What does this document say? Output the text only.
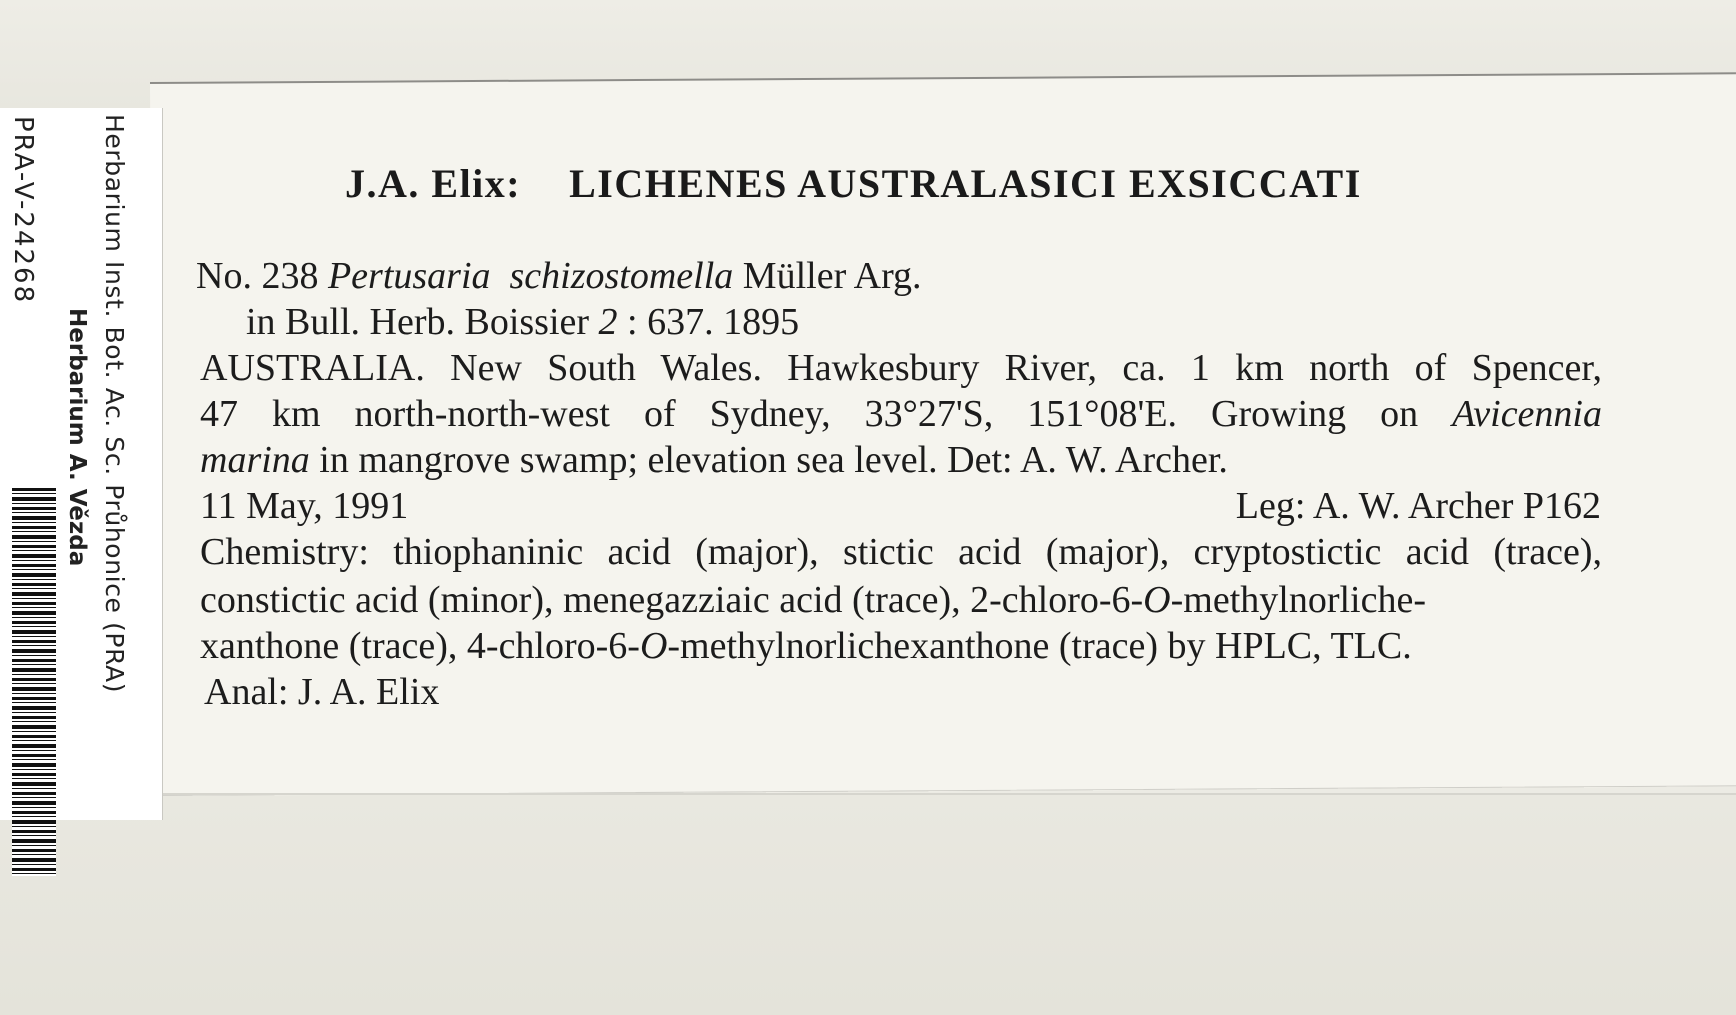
PRA-V-24268
Herbarium A. Vězda Herbarium Inst. Bot. Ac. Sc. Průhonice (PRA)	J.A. Elix: LICHENES AUSTRALASICI EXSICCATI
No. 238 Pertusaria schizostomella Müller Arg.
in Bull. Herb. Boissier 2 : 637. 1895
AUSTRALIA. New South Wales. Hawkesbury River, ca. 1 km north of Spencer,
47 km north-north-west of Sydney, 33°27'S, 151°08'E. Growing on Avicennia
marina in mangrove swamp; elevation sea level. Det: A. W. Archer.
11 May, 1991	Leg: A. W. Archer P162
Chemistry: thiophaninic acid (major), stictic acid (major), cryptostictic acid (trace),
constictic acid (minor), menegazziaic acid (trace), 2-chloro-6-O-methylnorliche-
xanthone (trace), 4-chloro-6-O-methylnorlichexanthone (trace) by HPLC, TLC.
Anal: J. A. Elix
